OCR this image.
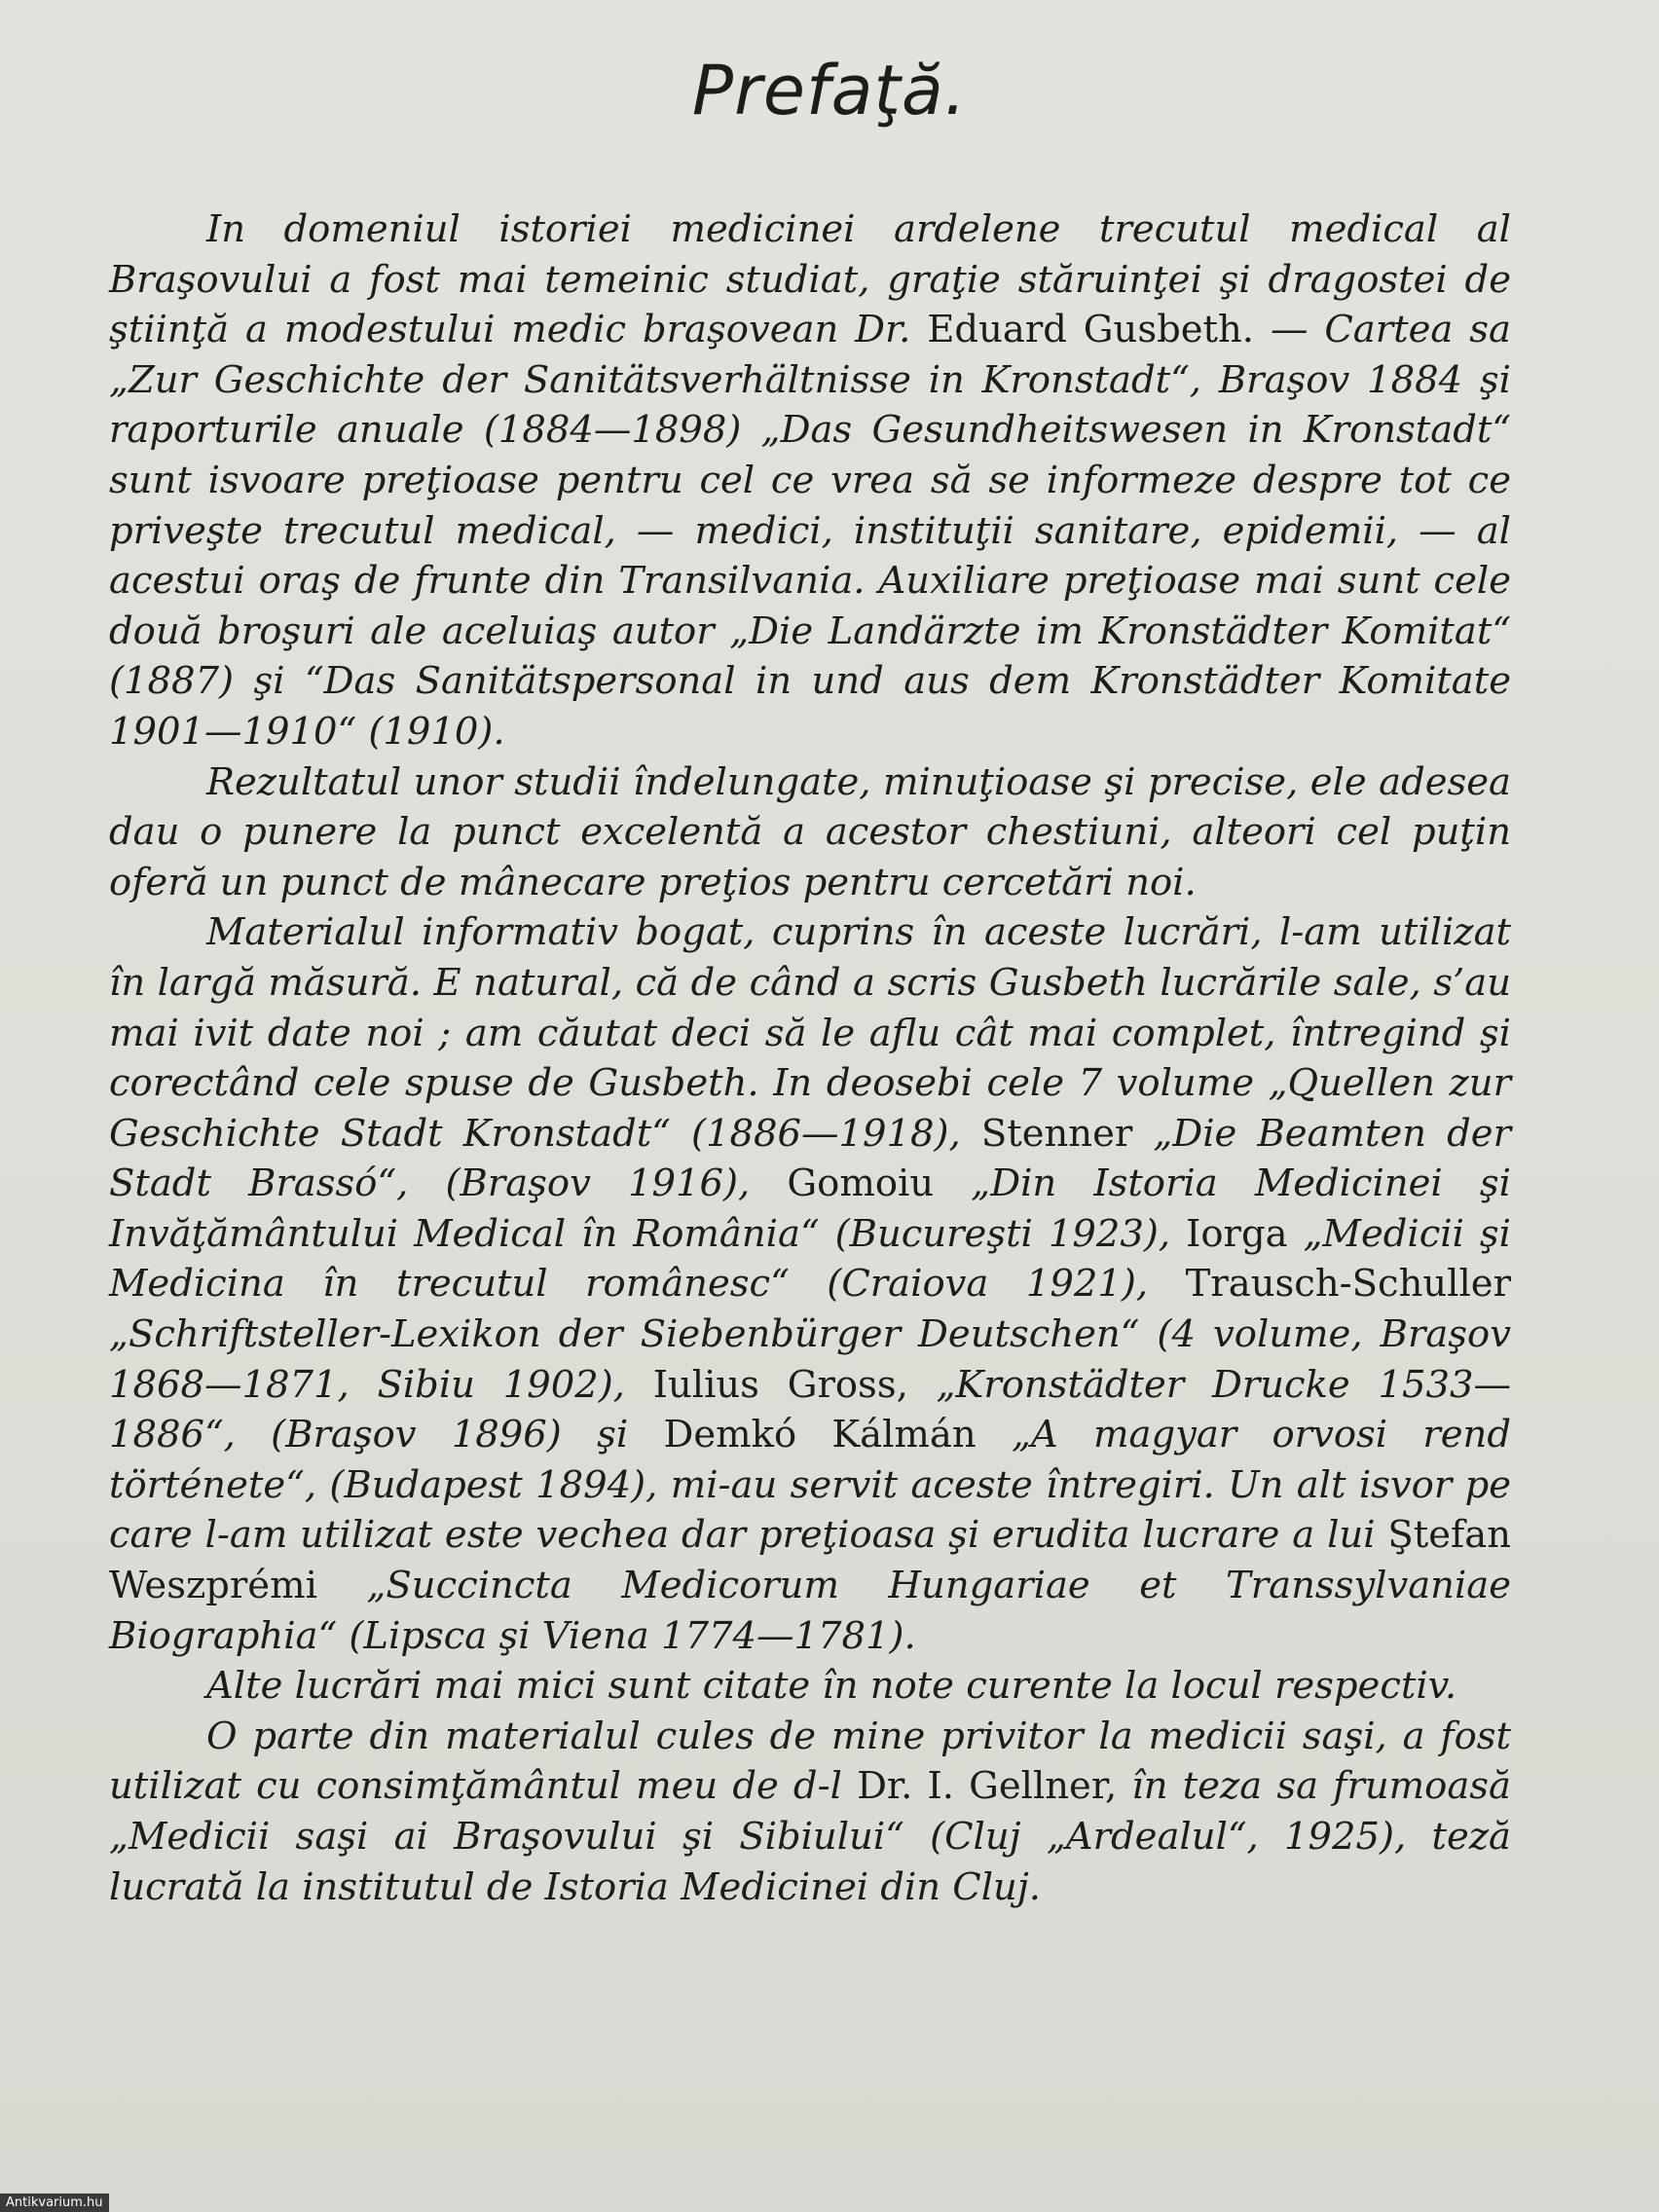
Prefaţă.

In domeniul istoriei medicinei ardelene trecutul medical al Braşovului a fost mai temeinic studiat, graţie stăruinţei şi dragostei de ştiinţă a modestului medic braşovean Dr. Eduard Gusbeth. — Cartea sa „Zur Geschichte der Sanitätsverhältnisse in Kronstadt“, Braşov 1884 şi raporturile anuale (1884—1898) „Das Gesundheitswesen in Kronstadt“ sunt isvoare preţioase pentru cel ce vrea să se informeze despre tot ce priveşte trecutul medical, — medici, instituţii sanitare, epidemii, — al acestui oraş de frunte din Transilvania. Auxiliare preţioase mai sunt cele două broşuri ale aceluiaş autor „Die Landärzte im Kronstädter Komitat“ (1887) şi “Das Sanitätspersonal in und aus dem Kronstädter Komitate 1901—1910“ (1910).

Rezultatul unor studii îndelungate, minuţioase şi precise, ele adesea dau o punere la punct excelentă a acestor chestiuni, alteori cel puţin oferă un punct de mânecare preţios pentru cercetări noi.

Materialul informativ bogat, cuprins în aceste lucrări, l-am utilizat în largă măsură. E natural, că de când a scris Gusbeth lucrările sale, s’au mai ivit date noi ; am căutat deci să le aflu cât mai complet, întregind şi corectând cele spuse de Gusbeth. In deosebi cele 7 volume „Quellen zur Geschichte Stadt Kronstadt“ (1886—1918), Stenner „Die Beamten der Stadt Brassó“, (Braşov 1916), Gomoiu „Din Istoria Medicinei şi Invăţământului Medical în România“ (Bucureşti 1923), Iorga „Medicii şi Medicina în trecutul românesc“ (Craiova 1921), Trausch-Schuller „Schriftsteller-Lexikon der Siebenbürger Deutschen“ (4 volume, Braşov 1868—1871, Sibiu 1902), Iulius Gross, „Kronstädter Drucke 1533—1886“, (Braşov 1896) şi Demkó Kálmán „A magyar orvosi rend története“, (Budapest 1894), mi-au servit aceste întregiri. Un alt isvor pe care l-am utilizat este vechea dar preţioasa şi erudita lucrare a lui Ştefan Weszprémi „Succincta Medicorum Hungariae et Transsylvaniae Biographia“ (Lipsca şi Viena 1774—1781).

Alte lucrări mai mici sunt citate în note curente la locul respectiv.

O parte din materialul cules de mine privitor la medicii saşi, a fost utilizat cu consimţământul meu de d-l Dr. I. Gellner, în teza sa frumoasă „Medicii saşi ai Braşovului şi Sibiului“ (Cluj „Ardealul“, 1925), teză lucrată la institutul de Istoria Medicinei din Cluj.

Antikvarium.hu
